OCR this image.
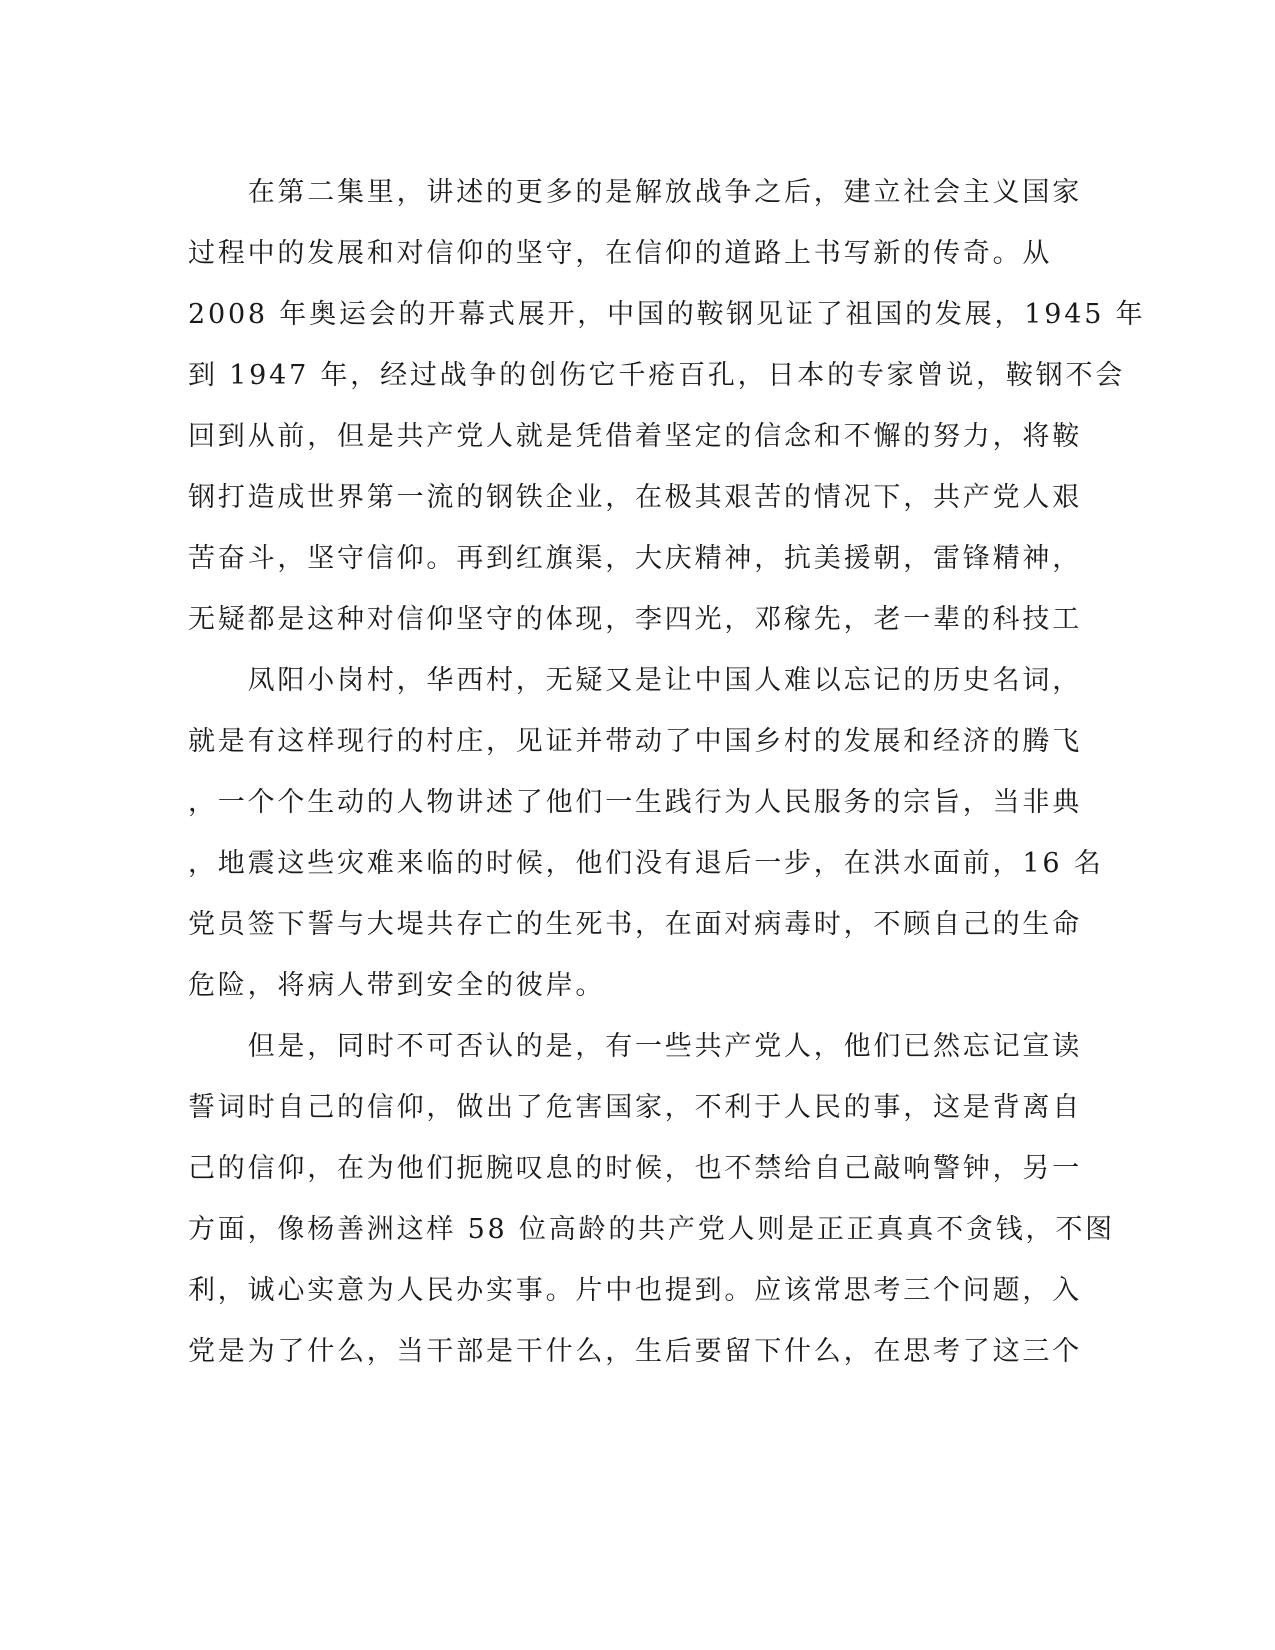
　　在第二集里，讲述的更多的是解放战争之后，建立社会主义国家
过程中的发展和对信仰的坚守，在信仰的道路上书写新的传奇。从
2008 年奥运会的开幕式展开，中国的鞍钢见证了祖国的发展，1945 年
到 1947 年，经过战争的创伤它千疮百孔，日本的专家曾说，鞍钢不会
回到从前，但是共产党人就是凭借着坚定的信念和不懈的努力，将鞍
钢打造成世界第一流的钢铁企业，在极其艰苦的情况下，共产党人艰
苦奋斗，坚守信仰。再到红旗渠，大庆精神，抗美援朝，雷锋精神，
无疑都是这种对信仰坚守的体现，李四光，邓稼先，老一辈的科技工
　　凤阳小岗村，华西村，无疑又是让中国人难以忘记的历史名词，
就是有这样现行的村庄，见证并带动了中国乡村的发展和经济的腾飞
，一个个生动的人物讲述了他们一生践行为人民服务的宗旨，当非典
，地震这些灾难来临的时候，他们没有退后一步，在洪水面前，16 名
党员签下誓与大堤共存亡的生死书，在面对病毒时，不顾自己的生命
危险，将病人带到安全的彼岸。
　　但是，同时不可否认的是，有一些共产党人，他们已然忘记宣读
誓词时自己的信仰，做出了危害国家，不利于人民的事，这是背离自
己的信仰，在为他们扼腕叹息的时候，也不禁给自己敲响警钟，另一
方面，像杨善洲这样 58 位高龄的共产党人则是正正真真不贪钱，不图
利，诚心实意为人民办实事。片中也提到。应该常思考三个问题，入
党是为了什么，当干部是干什么，生后要留下什么，在思考了这三个
